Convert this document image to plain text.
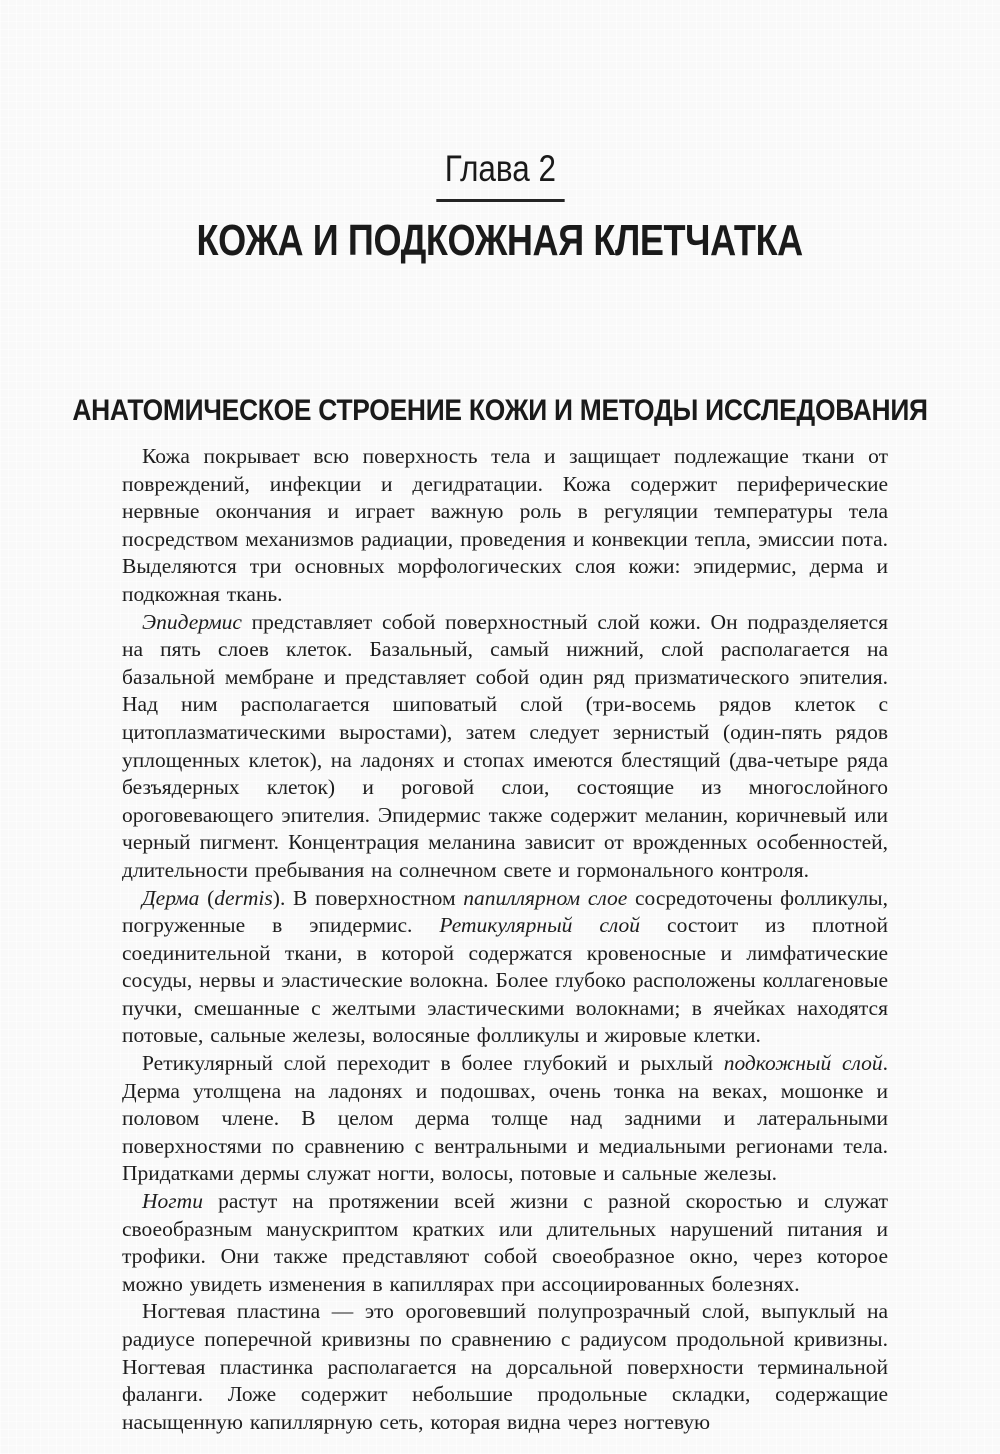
Глава 2
КОЖА И ПОДКОЖНАЯ КЛЕТЧАТКА
АНАТОМИЧЕСКОЕ СТРОЕНИЕ КОЖИ И МЕТОДЫ ИССЛЕДОВАНИЯ

Кожа покрывает всю поверхность тела и защищает подлежащие ткани от повреждений, инфекции и дегидратации. Кожа содержит периферические нервные окончания и играет важную роль в регуляции температуры тела посредством механизмов радиации, проведения и конвекции тепла, эмиссии пота. Выделяются три основных морфологических слоя кожи: эпидермис, дерма и подкожная ткань.

Эпидермис представляет собой поверхностный слой кожи. Он подразделяется на пять слоев клеток. Базальный, самый нижний, слой располагается на базальной мембране и представляет собой один ряд призматического эпителия. Над ним располагается шиповатый слой (три-восемь рядов клеток с цитоплазматическими выростами), затем следует зернистый (один-пять рядов уплощенных клеток), на ладонях и стопах имеются блестящий (два-четыре ряда безъядерных клеток) и роговой слои, состоящие из многослойного ороговевающего эпителия. Эпидермис также содержит меланин, коричневый или черный пигмент. Концентрация меланина зависит от врожденных особенностей, длительности пребывания на солнечном свете и гормонального контроля.

Дерма (dermis). В поверхностном папиллярном слое сосредоточены фолликулы, погруженные в эпидермис. Ретикулярный слой состоит из плотной соединительной ткани, в которой содержатся кровеносные и лимфатические сосуды, нервы и эластические волокна. Более глубоко расположены коллагеновые пучки, смешанные с желтыми эластическими волокнами; в ячейках находятся потовые, сальные железы, волосяные фолликулы и жировые клетки.

Ретикулярный слой переходит в более глубокий и рыхлый подкожный слой. Дерма утолщена на ладонях и подошвах, очень тонка на веках, мошонке и половом члене. В целом дерма толще над задними и латеральными поверхностями по сравнению с вентральными и медиальными регионами тела. Придатками дермы служат ногти, волосы, потовые и сальные железы.

Ногти растут на протяжении всей жизни с разной скоростью и служат своеобразным манускриптом кратких или длительных нарушений питания и трофики. Они также представляют собой своеобразное окно, через которое можно увидеть изменения в капиллярах при ассоциированных болезнях.

Ногтевая пластина — это ороговевший полупрозрачный слой, выпуклый на радиусе поперечной кривизны по сравнению с радиусом продольной кривизны. Ногтевая пластинка располагается на дорсальной поверхности терминальной фаланги. Ложе содержит небольшие продольные складки, содержащие насыщенную капиллярную сеть, которая видна через ногтевую
